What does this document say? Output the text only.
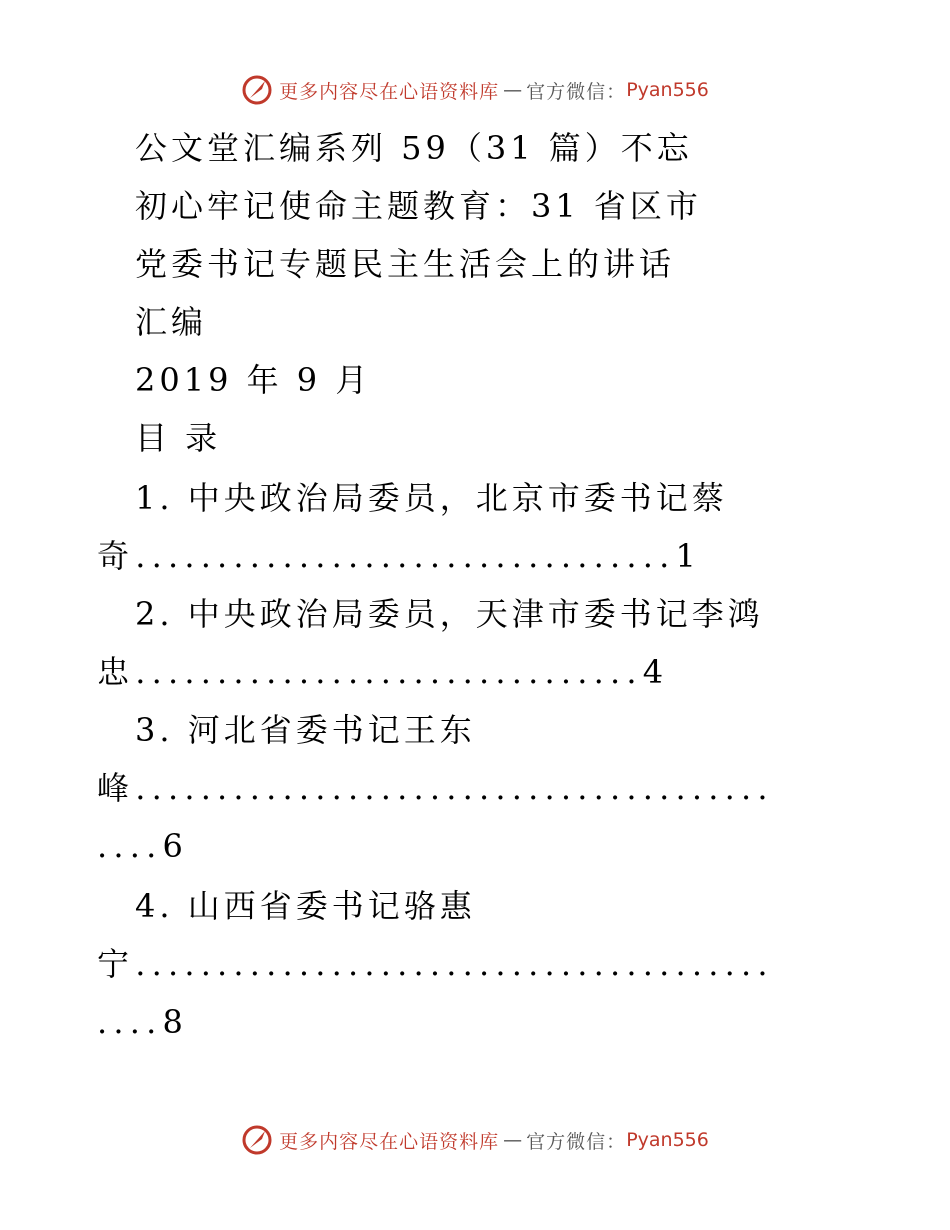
更多内容尽在心语资料库 — 官方微信： Pyan556
公文堂汇编系列 59（31 篇）不忘
初心牢记使命主题教育：31 省区市
党委书记专题民主生活会上的讲话
汇编
2019 年 9 月
目 录
1. 中央政治局委员，北京市委书记蔡
奇.................................1
2. 中央政治局委员，天津市委书记李鸿
忠...............................4
3. 河北省委书记王东
峰.......................................
....6
4. 山西省委书记骆惠
宁.......................................
....8
更多内容尽在心语资料库 — 官方微信： Pyan556
